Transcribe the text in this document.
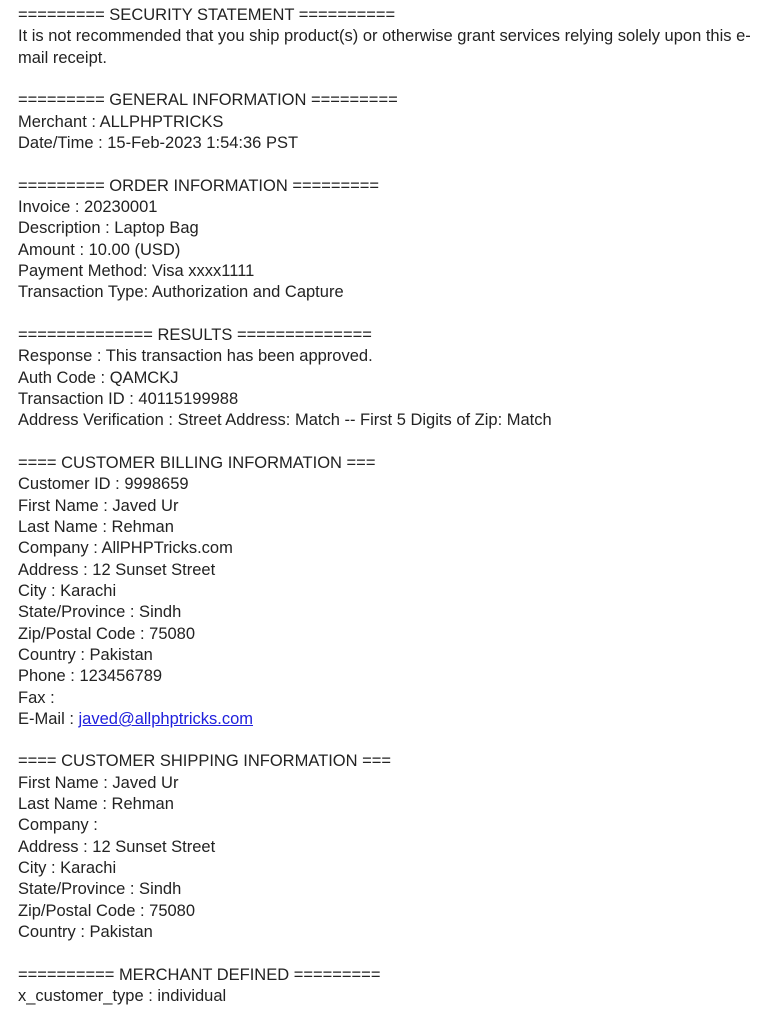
========= SECURITY STATEMENT ==========
It is not recommended that you ship product(s) or otherwise grant services relying solely upon this e-mail receipt.
========= GENERAL INFORMATION =========
Merchant : ALLPHPTRICKS
Date/Time : 15-Feb-2023 1:54:36 PST
========= ORDER INFORMATION =========
Invoice : 20230001
Description : Laptop Bag
Amount : 10.00 (USD)
Payment Method: Visa xxxx1111
Transaction Type: Authorization and Capture
============== RESULTS ==============
Response : This transaction has been approved.
Auth Code : QAMCKJ
Transaction ID : 40115199988
Address Verification : Street Address: Match -- First 5 Digits of Zip: Match
==== CUSTOMER BILLING INFORMATION ===
Customer ID : 9998659
First Name : Javed Ur
Last Name : Rehman
Company : AllPHPTricks.com
Address : 12 Sunset Street
City : Karachi
State/Province : Sindh
Zip/Postal Code : 75080
Country : Pakistan
Phone : 123456789
Fax :
E-Mail : javed@allphptricks.com
==== CUSTOMER SHIPPING INFORMATION ===
First Name : Javed Ur
Last Name : Rehman
Company :
Address : 12 Sunset Street
City : Karachi
State/Province : Sindh
Zip/Postal Code : 75080
Country : Pakistan
========== MERCHANT DEFINED =========
x_customer_type : individual
